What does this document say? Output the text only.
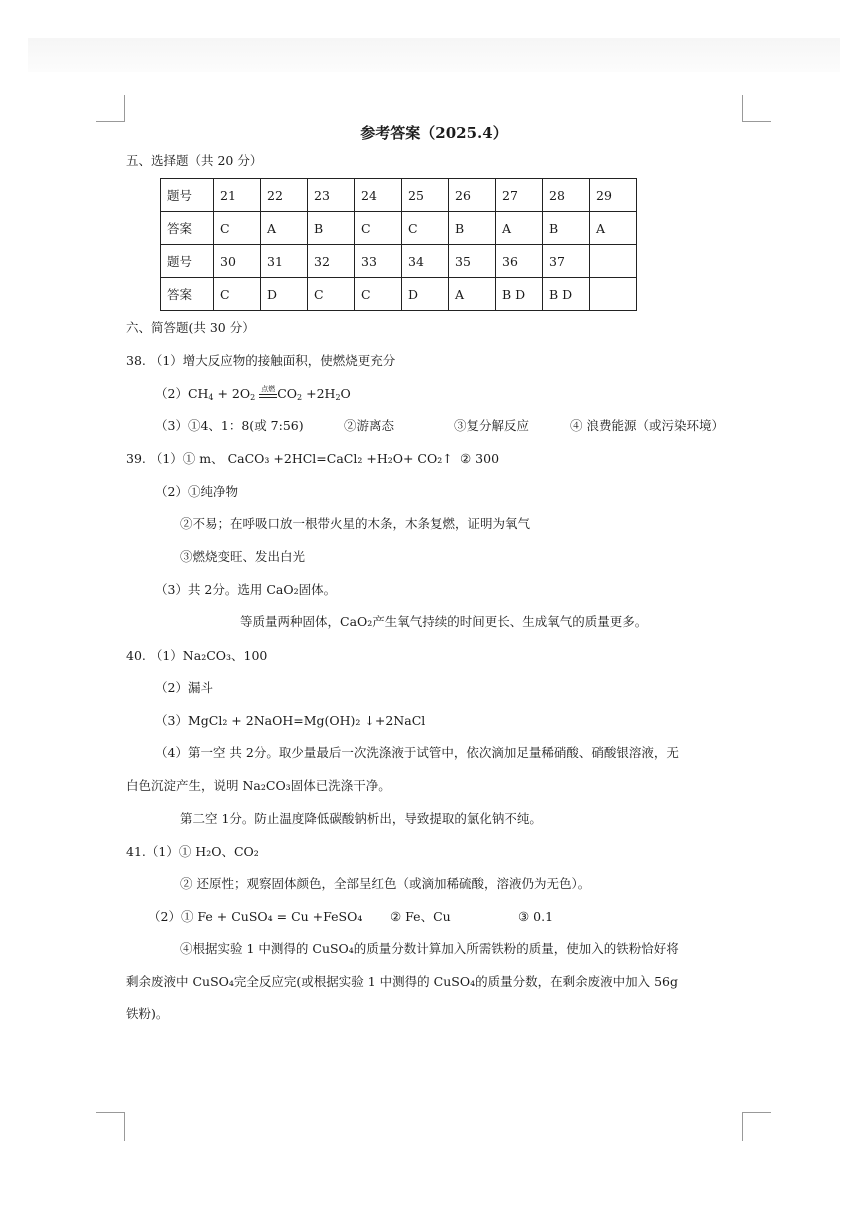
参考答案（2025.4）
五、选择题（共 20 分）
题号	21	22	23	24	25	26	27	28	29
答案	C	A	B	C	C	B	A	B	A
题号	30	31	32	33	34	35	36	37	
答案	C	D	C	C	D	A	B D	B D	
六、简答题(共 30 分）
38. （1）增大反应物的接触面积，使燃烧更充分
$(2)CH_4 + 2O_2$
点燃 $CO_2 +2H_2O$
（3）①4、1：8(或 7:56)	②游离态	③复分解反应	④ 浪费能源（或污染环境）
39. （1）① m、 CaCO₃ +2HCl=CaCl₂ +H₂O+ CO₂↑ ② 300
（2）①纯净物
②不易；在呼吸口放一根带火星的木条，木条复燃，证明为氧气
③燃烧变旺、发出白光
（3）共 2分。选用 CaO₂固体。
等质量两种固体，CaO₂产生氧气持续的时间更长、生成氧气的质量更多。
40. （1）Na₂CO₃、100
（2）漏斗
（3）MgCl₂ + 2NaOH=Mg(OH)₂ ↓+2NaCl
（4）第一空 共 2分。取少量最后一次洗涤液于试管中，依次滴加足量稀硝酸、硝酸银溶液，无
白色沉淀产生，说明 Na₂CO₃固体已洗涤干净。
第二空 1分。防止温度降低碳酸钠析出，导致提取的氯化钠不纯。
41.（1）① H₂O、CO₂
② 还原性；观察固体颜色，全部呈红色（或滴加稀硫酸，溶液仍为无色）。
（2）① Fe + CuSO₄ = Cu +FeSO₄ ② Fe、Cu	③ 0.1
④根据实验 1 中测得的 CuSO₄的质量分数计算加入所需铁粉的质量，使加入的铁粉恰好将
剩余废液中 CuSO₄完全反应完(或根据实验 1 中测得的 CuSO₄的质量分数，在剩余废液中加入 56g
铁粉)。
